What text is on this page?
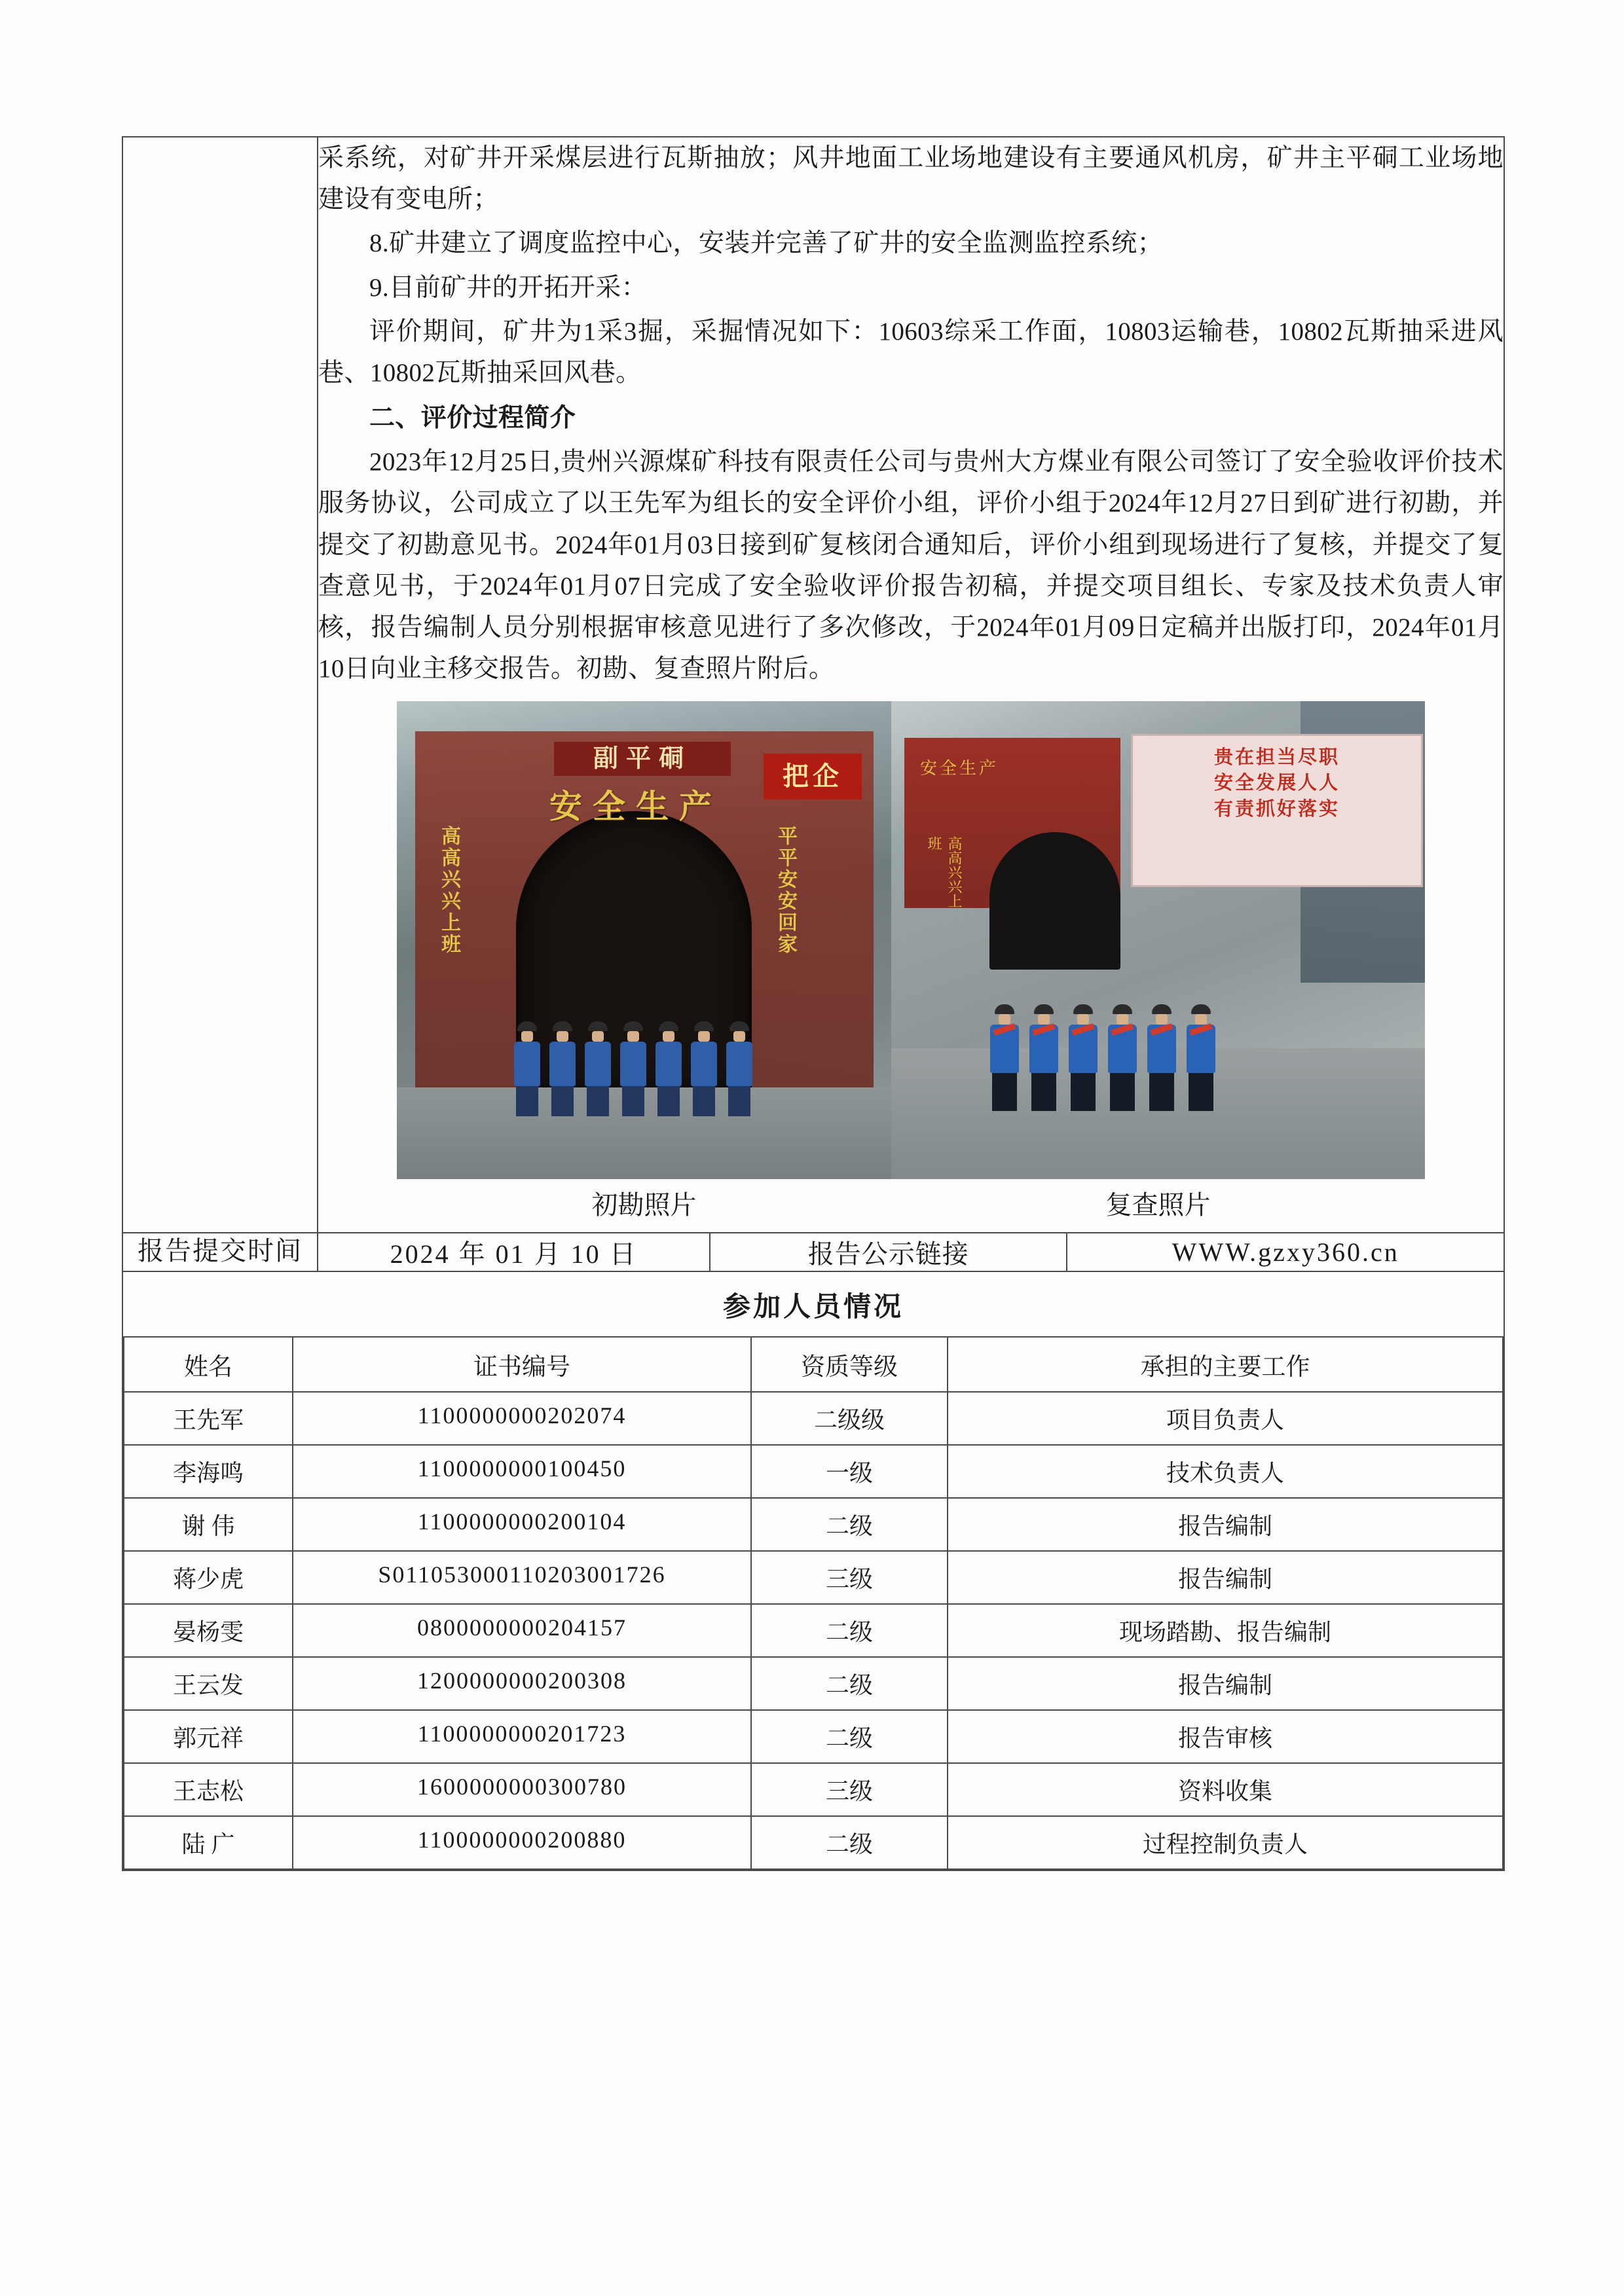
采系统，对矿井开采煤层进行瓦斯抽放；风井地面工业场地建设有主要通风机房，矿井主平硐工业场地建设有变电所；

8.矿井建立了调度监控中心，安装并完善了矿井的安全监测监控系统；

9.目前矿井的开拓开采：

评价期间，矿井为1采3掘，采掘情况如下：10603综采工作面，10803运输巷，10802瓦斯抽采进风巷、10802瓦斯抽采回风巷。

二、评价过程简介

2023年12月25日,贵州兴源煤矿科技有限责任公司与贵州大方煤业有限公司签订了安全验收评价技术服务协议，公司成立了以王先军为组长的安全评价小组，评价小组于2024年12月27日到矿进行初勘，并提交了初勘意见书。2024年01月03日接到矿复核闭合通知后，评价小组到现场进行了复核，并提交了复查意见书，于2024年01月07日完成了安全验收评价报告初稿，并提交项目组长、专家及技术负责人审核，报告编制人员分别根据审核意见进行了多次修改，于2024年01月09日定稿并出版打印，2024年01月10日向业主移交报告。初勘、复查照片附后。

副平硐
安全生产
把企
高高兴兴上班	平平安安回家
安全生产
高高兴兴上班
贵在担当尽职
安全发展人人
有责抓好落实
初勘照片	复查照片

报告提交时间		2024 年 01 月 10 日	报告公示链接	WWW.gzxy360.cn

参加人员情况
姓名	证书编号	资质等级	承担的主要工作
王先军	1100000000202074	二级级	项目负责人
李海鸣	1100000000100450	一级	技术负责人
谢 伟	1100000000200104	二级	报告编制
蒋少虎	S011053000110203001726	三级	报告编制
晏杨雯	0800000000204157	二级	现场踏勘、报告编制
王云发	1200000000200308	二级	报告编制
郭元祥	1100000000201723	二级	报告审核
王志松	1600000000300780	三级	资料收集
陆 广	1100000000200880	二级	过程控制负责人
